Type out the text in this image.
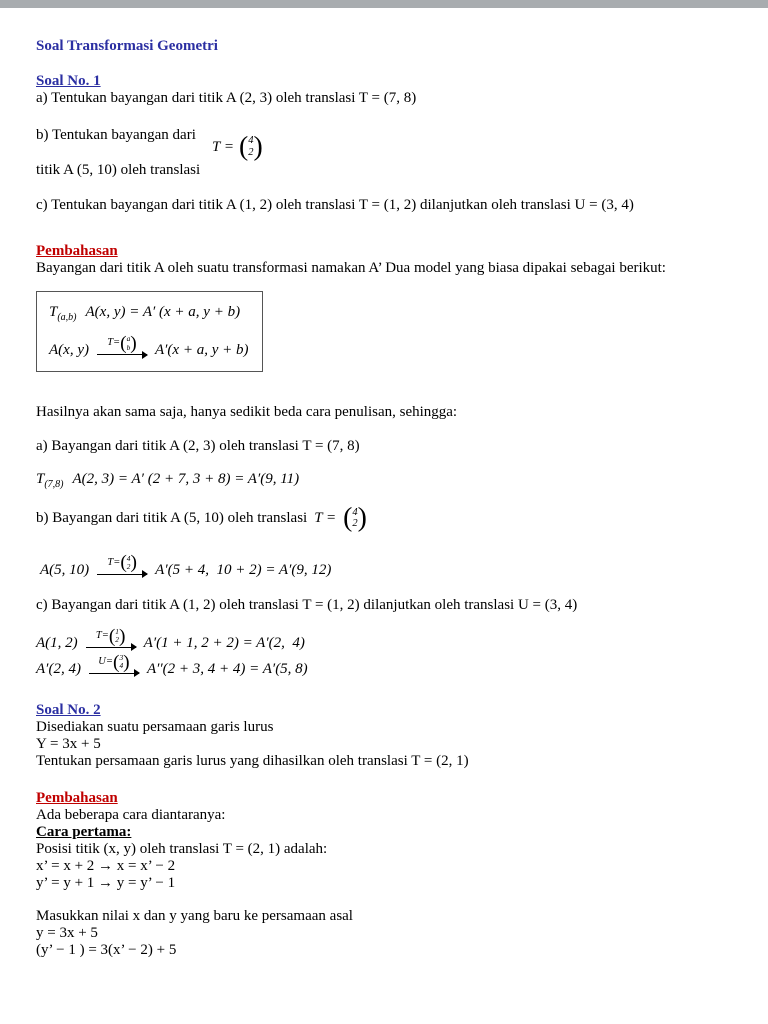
Soal Transformasi Geometri
Soal No. 1

a) Tentukan bayangan dari titik A (2, 3) oleh translasi T = (7, 8)

b) Tentukan bayangan dari

titik A (5, 10) oleh translasi

T = ( 4
2 )

c) Tentukan bayangan dari titik A (1, 2) oleh translasi T = (1, 2) dilanjutkan oleh translasi U = (3, 4)

Pembahasan

Bayangan dari titik A oleh suatu transformasi namakan A’ Dua model yang biasa dipakai sebagai berikut:

$T_{(a,b)}$ A(x, y) = A′ (x + a, y + b)
A(x, y) T= ( a
b ) A′(x + a, y + b)

Hasilnya akan sama saja, hanya sedikit beda cara penulisan, sehingga:

a) Bayangan dari titik A (2, 3) oleh translasi T = (7, 8)

$T_{(7,8)}$ A(2, 3) = A′ (2 + 7, 3 + 8) = A′(9, 11)
b) Bayangan dari titik A (5, 10) oleh translasi T = ( 4
2 )
A(5, 10) T= ( 4
2 ) A′(5 + 4,  10 + 2) = A′(9, 12)

c) Bayangan dari titik A (1, 2) oleh translasi T = (1, 2) dilanjutkan oleh translasi U = (3, 4)

A(1, 2) T= ( 1
2 ) A′(1 + 1, 2 + 2) = A′(2,  4)
A′(2, 4) U= ( 3
4 ) A′′(2 + 3, 4 + 4) = A′(5, 8)
Soal No. 2

Disediakan suatu persamaan garis lurus

Y = 3x + 5

Tentukan persamaan garis lurus yang dihasilkan oleh translasi T = (2, 1)

Pembahasan

Ada beberapa cara diantaranya:

Cara pertama:

Posisi titik (x, y) oleh translasi T = (2, 1) adalah:

x’ = x + 2 → x = x’ − 2

y’ = y + 1 → y = y’ − 1

Masukkan nilai x dan y yang baru ke persamaan asal

y = 3x + 5

(y’ − 1 ) = 3(x’ − 2) + 5
